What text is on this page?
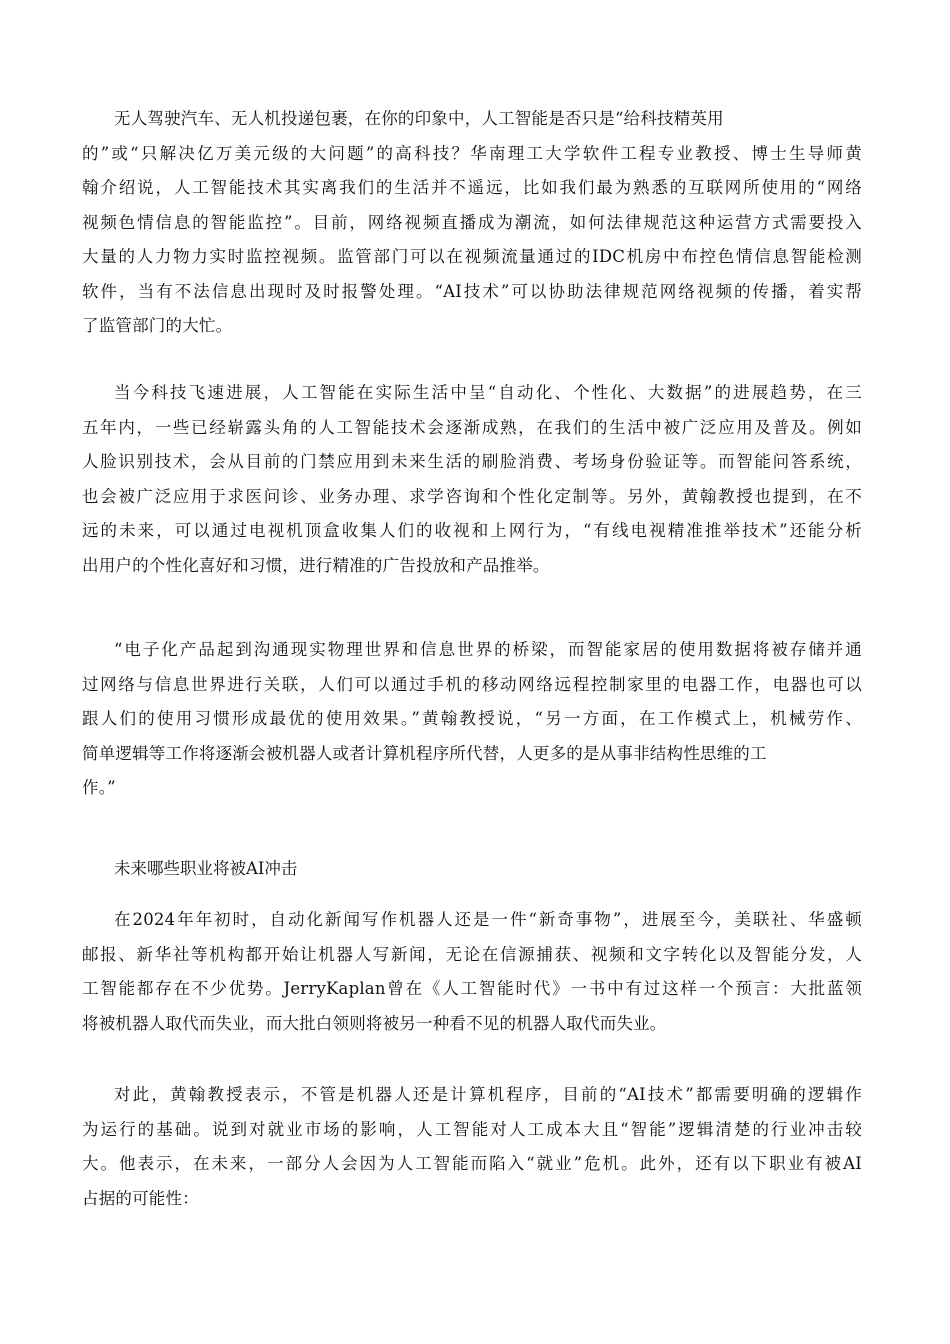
无人驾驶汽车、无人机投递包裹，在你的印象中，人工智能是否只是“给科技精英用
的”或“只解决亿万美元级的大问题”的高科技？华南理工大学软件工程专业教授、博士生导师黄
翰介绍说，人工智能技术其实离我们的生活并不遥远，比如我们最为熟悉的互联网所使用的“网络
视频色情信息的智能监控”。目前，网络视频直播成为潮流，如何法律规范这种运营方式需要投入
大量的人力物力实时监控视频。监管部门可以在视频流量通过的IDC机房中布控色情信息智能检测
软件，当有不法信息出现时及时报警处理。“AI技术”可以协助法律规范网络视频的传播，着实帮
了监管部门的大忙。
当今科技飞速进展，人工智能在实际生活中呈“自动化、个性化、大数据”的进展趋势，在三
五年内，一些已经崭露头角的人工智能技术会逐渐成熟，在我们的生活中被广泛应用及普及。例如
人脸识别技术，会从目前的门禁应用到未来生活的刷脸消费、考场身份验证等。而智能问答系统，
也会被广泛应用于求医问诊、业务办理、求学咨询和个性化定制等。另外，黄翰教授也提到，在不
远的未来，可以通过电视机顶盒收集人们的收视和上网行为，“有线电视精准推举技术”还能分析
出用户的个性化喜好和习惯，进行精准的广告投放和产品推举。
“电子化产品起到沟通现实物理世界和信息世界的桥梁，而智能家居的使用数据将被存储并通
过网络与信息世界进行关联，人们可以通过手机的移动网络远程控制家里的电器工作，电器也可以
跟人们的使用习惯形成最优的使用效果。”黄翰教授说，“另一方面，在工作模式上，机械劳作、
简单逻辑等工作将逐渐会被机器人或者计算机程序所代替，人更多的是从事非结构性思维的工
作。”

未来哪些职业将被AI冲击

在2024年年初时，自动化新闻写作机器人还是一件“新奇事物”，进展至今，美联社、华盛顿
邮报、新华社等机构都开始让机器人写新闻，无论在信源捕获、视频和文字转化以及智能分发，人
工智能都存在不少优势。JerryKaplan曾在《人工智能时代》一书中有过这样一个预言：大批蓝领
将被机器人取代而失业，而大批白领则将被另一种看不见的机器人取代而失业。
对此，黄翰教授表示，不管是机器人还是计算机程序，目前的“AI技术”都需要明确的逻辑作
为运行的基础。说到对就业市场的影响，人工智能对人工成本大且“智能”逻辑清楚的行业冲击较
大。他表示，在未来，一部分人会因为人工智能而陷入“就业”危机。此外，还有以下职业有被AI
占据的可能性：
